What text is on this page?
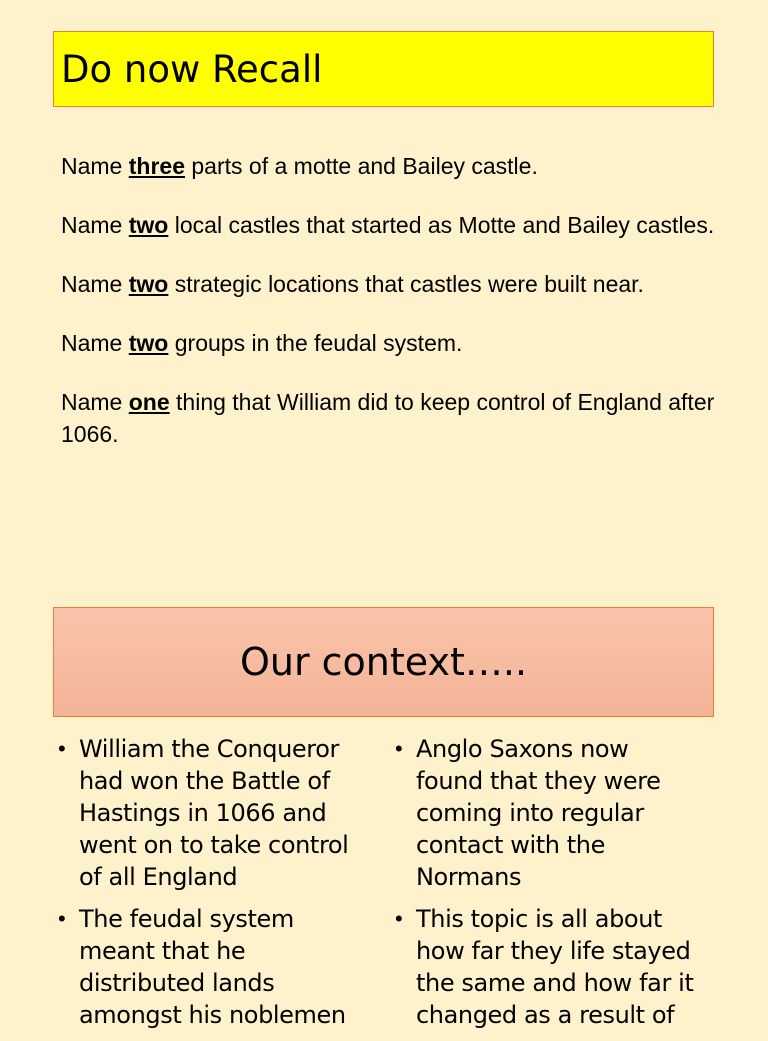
Do now Recall

Name three parts of a motte and Bailey castle.

Name two local castles that started as Motte and Bailey castles.

Name two strategic locations that castles were built near.

Name two groups in the feudal system.

Name one thing that William did to keep control of England after 1066.

Our context…..
• William the Conqueror had won the Battle of Hastings in 1066 and went on to take control of all England
• The feudal system meant that he distributed lands amongst his noblemen
• Anglo Saxons now found that they were coming into regular contact with the Normans
• This topic is all about how far they life stayed the same and how far it changed as a result of
